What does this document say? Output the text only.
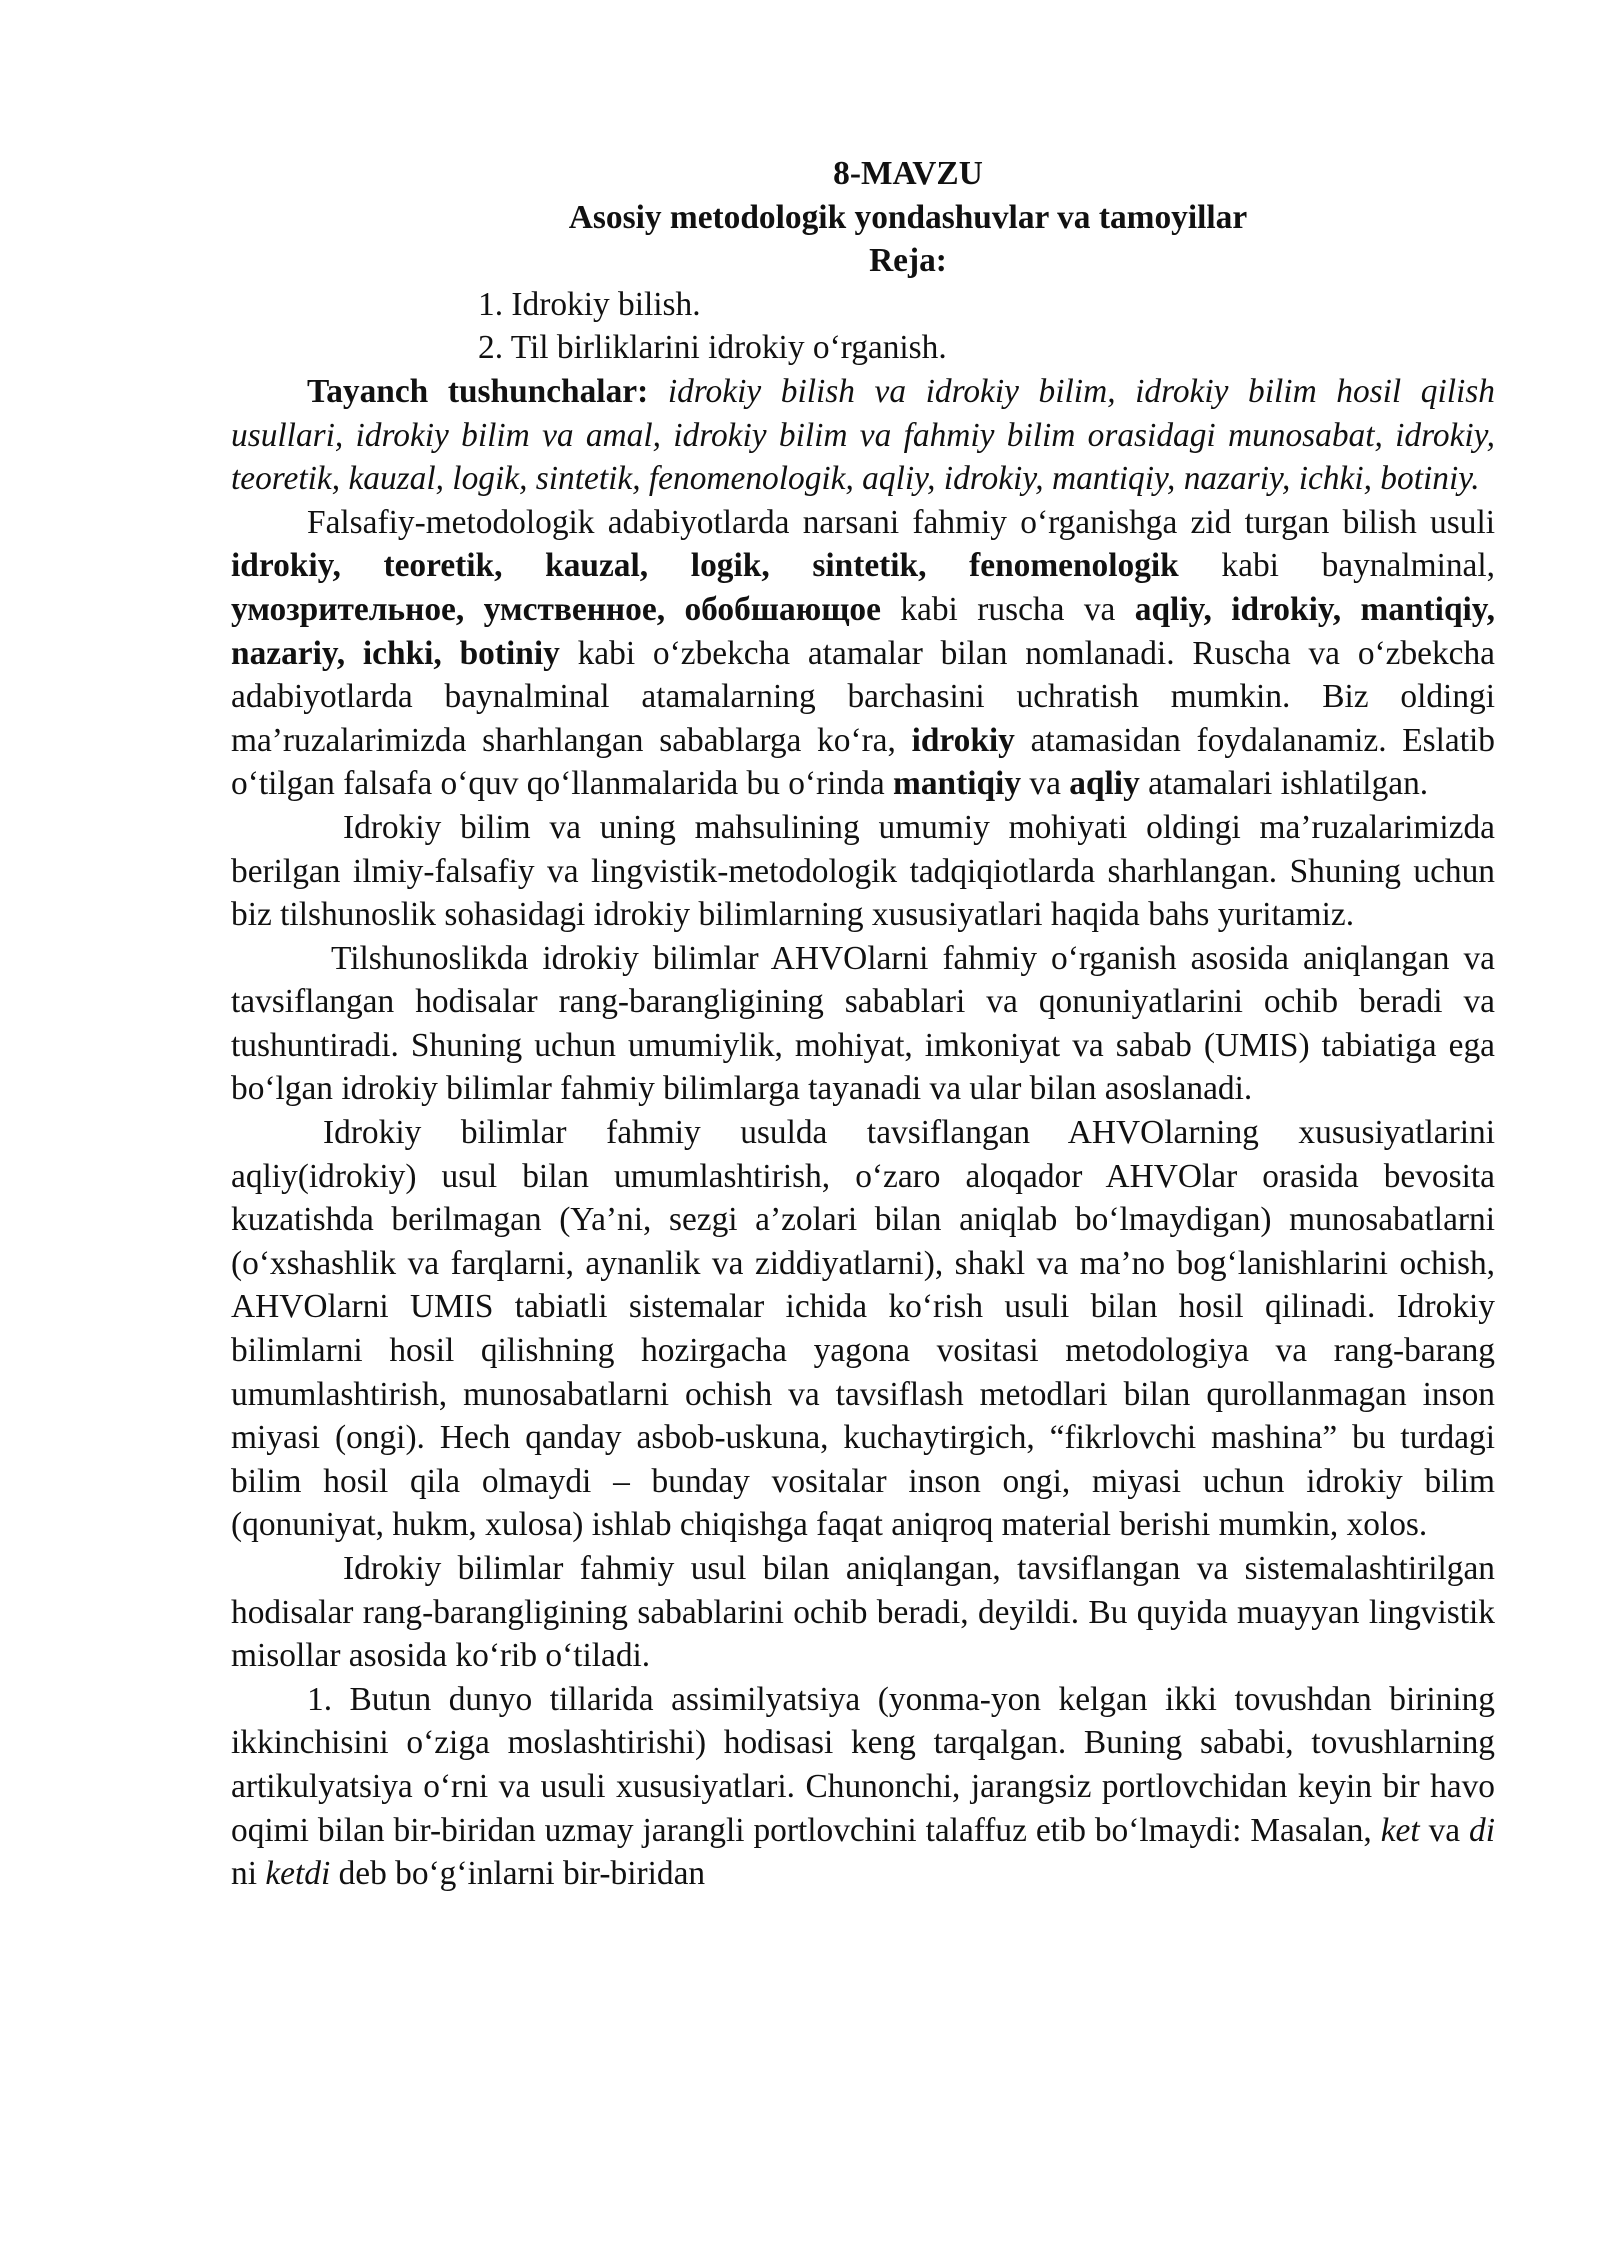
8-MAVZU
Asosiy metodologik yondashuvlar va tamoyillar
Reja:
1. Idrokiy bilish.
2. Til birliklarini idrokiy o‘rganish.

Tayanch tushunchalar: idrokiy bilish va idrokiy bilim, idrokiy bilim hosil qilish usullari, idrokiy bilim va amal, idrokiy bilim va fahmiy bilim orasidagi munosabat, idrokiy, teoretik, kauzal, logik, sintetik, fenomenologik, aqliy, idrokiy, mantiqiy, nazariy, ichki, botiniy.

Falsafiy-metodologik adabiyotlarda narsani fahmiy o‘rganishga zid turgan bilish usuli idrokiy, teoretik, kauzal, logik, sintetik, fenomenologik kabi baynalminal, умозрительное, умственное, обобшающое kabi ruscha va aqliy, idrokiy, mantiqiy, nazariy, ichki, botiniy kabi o‘zbekcha atamalar bilan nomlanadi. Ruscha va o‘zbekcha adabiyotlarda baynalminal atamalarning barchasini uchratish mumkin. Biz oldingi ma’ruzalarimizda sharhlangan sabablarga ko‘ra, idrokiy atamasidan foydalanamiz. Eslatib o‘tilgan falsafa o‘quv qo‘llanmalarida bu o‘rinda mantiqiy va aqliy atamalari ishlatilgan.

Idrokiy bilim va uning mahsulining umumiy mohiyati oldingi ma’ruzalarimizda berilgan ilmiy-falsafiy va lingvistik-metodologik tadqiqiotlarda sharhlangan. Shuning uchun biz tilshunoslik sohasidagi idrokiy bilimlarning xususiyatlari haqida bahs yuritamiz.

Tilshunoslikda idrokiy bilimlar AHVOlarni fahmiy o‘rganish asosida aniqlangan va tavsiflangan hodisalar rang-barangligining sabablari va qonuniyatlarini ochib beradi va tushuntiradi. Shuning uchun umumiylik, mohiyat, imkoniyat va sabab (UMIS) tabiatiga ega bo‘lgan idrokiy bilimlar fahmiy bilimlarga tayanadi va ular bilan asoslanadi.

Idrokiy bilimlar fahmiy usulda tavsiflangan AHVOlarning xususiyatlarini aqliy(idrokiy) usul bilan umumlashtirish, o‘zaro aloqador AHVOlar orasida bevosita kuzatishda berilmagan (Ya’ni, sezgi a’zolari bilan aniqlab bo‘lmaydigan) munosabatlarni (o‘xshashlik va farqlarni, aynanlik va ziddiyatlarni), shakl va ma’no bog‘lanishlarini ochish, AHVOlarni UMIS tabiatli sistemalar ichida ko‘rish usuli bilan hosil qilinadi. Idrokiy bilimlarni hosil qilishning hozirgacha yagona vositasi metodologiya va rang-barang umumlashtirish, munosabatlarni ochish va tavsiflash metodlari bilan qurollanmagan inson miyasi (ongi). Hech qanday asbob-uskuna, kuchaytirgich, “fikrlovchi mashina” bu turdagi bilim hosil qila olmaydi – bunday vositalar inson ongi, miyasi uchun idrokiy bilim (qonuniyat, hukm, xulosa) ishlab chiqishga faqat aniqroq material berishi mumkin, xolos.

Idrokiy bilimlar fahmiy usul bilan aniqlangan, tavsiflangan va sistemalashtirilgan hodisalar rang-barangligining sabablarini ochib beradi, deyildi. Bu quyida muayyan lingvistik misollar asosida ko‘rib o‘tiladi.

1. Butun dunyo tillarida assimilyatsiya (yonma-yon kelgan ikki tovushdan birining ikkinchisini o‘ziga moslashtirishi) hodisasi keng tarqalgan. Buning sababi, tovushlarning artikulyatsiya o‘rni va usuli xususiyatlari. Chunonchi, jarangsiz portlovchidan keyin bir havo oqimi bilan bir-biridan uzmay jarangli portlovchini talaffuz etib bo‘lmaydi: Masalan, ket va di ni ketdi deb bo‘g‘inlarni bir-biridan
